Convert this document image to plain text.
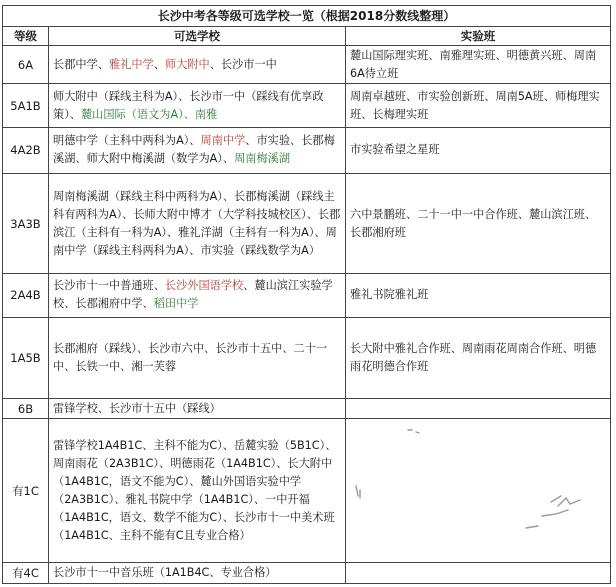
长沙中考各等级可选学校一览（根据2018分数线整理）		
等级	可选学校	实验班
6A	长郡中学、雅礼中学、师大附中、长沙市一中	麓山国际理实班、南雅理实班、明德黄兴班、周南6A待立班
5A1B	师大附中（踩线主科为A）、长沙市一中（踩线有优享政策）、麓山国际（语文为A）、南雅	周南卓越班、市实验创新班、周南5A班、师梅理实班、长梅理实班
4A2B	明德中学（主科中两科为A）、周南中学、市实验、长郡梅溪湖、师大附中梅溪湖（数学为A）、周南梅溪湖	市实验希望之星班
3A3B	周南梅溪湖（踩线主科中两科为A）、长郡梅溪湖（踩线主科有两科为A）、长师大附中博才（大学科技城校区）、长郡滨江（主科有一科为A）、雅礼洋湖（主科有一科为A）、周南中学（踩线主科两科为A）、市实验（踩线数学为A）	六中景鹏班、二十一中一中合作班、麓山滨江班、长郡湘府班
2A4B	长沙市十一中普通班、长沙外国语学校、麓山滨江实验学校、长郡湘府中学、稻田中学	雅礼书院雅礼班
1A5B	长郡湘府（踩线）、长沙市六中、长沙市十五中、二十一中、长铁一中、湘一芙蓉	长大附中雅礼合作班、周南雨花周南合作班、明德雨花明德合作班
6B	雷锋学校、长沙市十五中（踩线）	
有1C	雷锋学校1A4B1C、主科不能为C）、岳麓实验（5B1C）、周南雨花（2A3B1C）、明德雨花（1A4B1C）、长大附中（1A4B1C，语文不能为C）、麓山外国语实验中学（2A3B1C）、雅礼书院中学（1A4B1C）、一中开福（1A4B1C，语文、数学不能为C）、长沙市十一中美术班（1A4B1C、主科不能有C且专业合格）	
有4C	长沙市十一中音乐班（1A1B4C、专业合格）	
